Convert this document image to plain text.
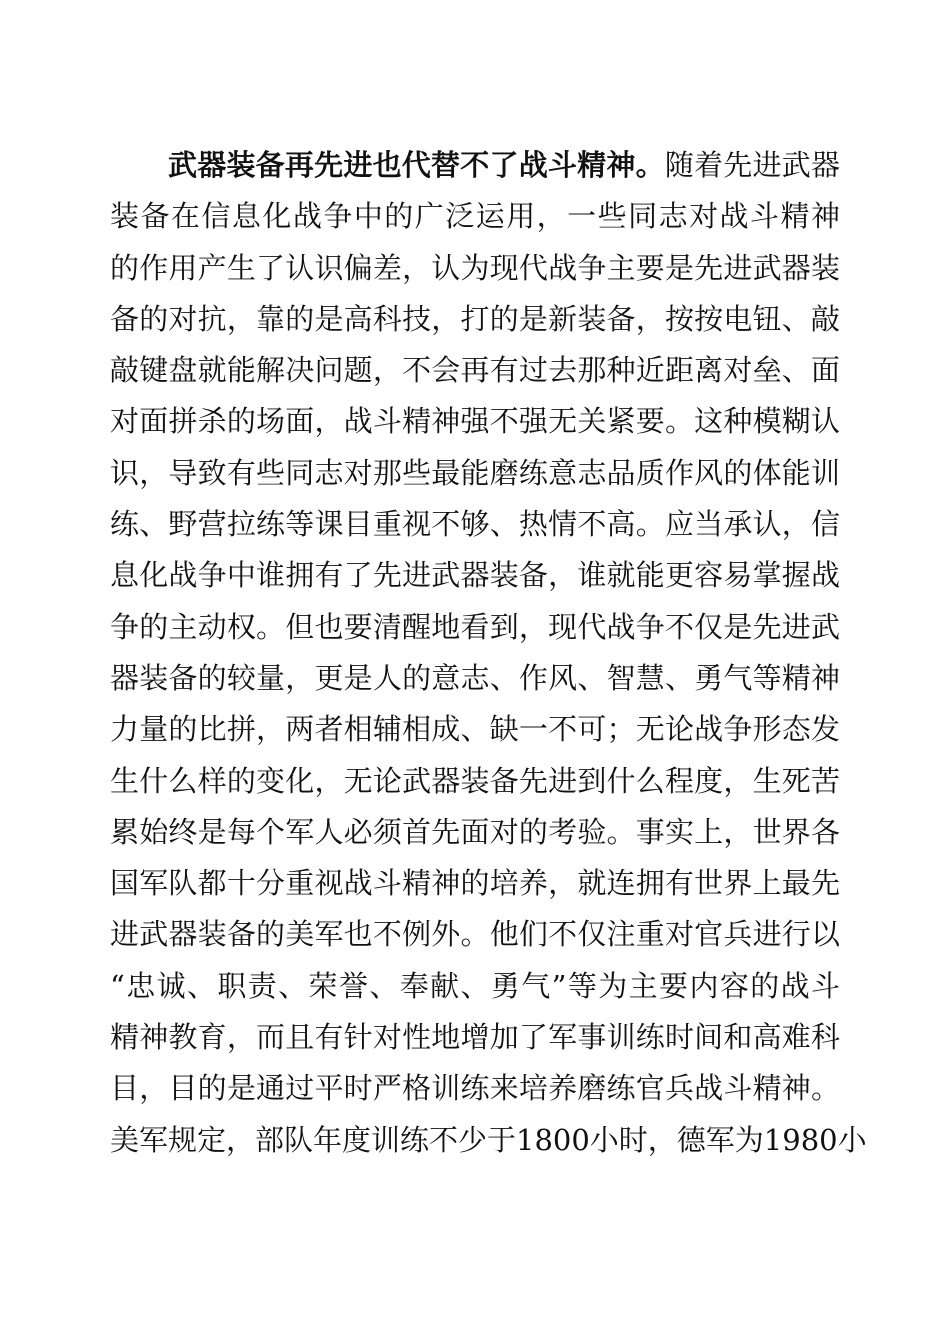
武器装备再先进也代替不了战斗精神。随着先进武器
装备在信息化战争中的广泛运用，一些同志对战斗精神
的作用产生了认识偏差，认为现代战争主要是先进武器装
备的对抗，靠的是高科技，打的是新装备，按按电钮、敲
敲键盘就能解决问题，不会再有过去那种近距离对垒、面
对面拼杀的场面，战斗精神强不强无关紧要。这种模糊认
识，导致有些同志对那些最能磨练意志品质作风的体能训
练、野营拉练等课目重视不够、热情不高。应当承认，信
息化战争中谁拥有了先进武器装备，谁就能更容易掌握战
争的主动权。但也要清醒地看到，现代战争不仅是先进武
器装备的较量，更是人的意志、作风、智慧、勇气等精神
力量的比拼，两者相辅相成、缺一不可；无论战争形态发
生什么样的变化，无论武器装备先进到什么程度，生死苦
累始终是每个军人必须首先面对的考验。事实上，世界各
国军队都十分重视战斗精神的培养，就连拥有世界上最先
进武器装备的美军也不例外。他们不仅注重对官兵进行以
“忠诚、职责、荣誉、奉献、勇气”等为主要内容的战斗
精神教育，而且有针对性地增加了军事训练时间和高难科
目，目的是通过平时严格训练来培养磨练官兵战斗精神。
美军规定，部队年度训练不少于1800小时，德军为1980小
